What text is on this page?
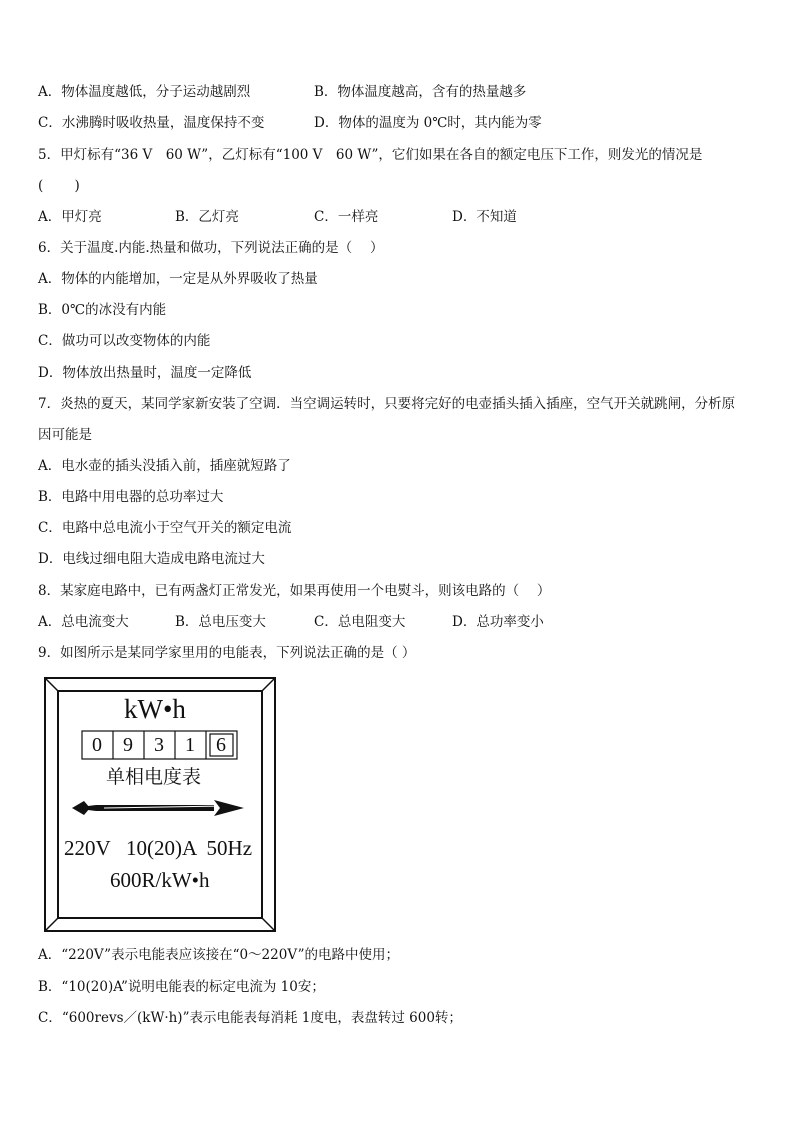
A．物体温度越低，分子运动越剧烈	B．物体温度越高，含有的热量越多
C．水沸腾时吸收热量，温度保持不变	D．物体的温度为 0℃时，其内能为零
5．甲灯标有“36 V　60 W”，乙灯标有“100 V　60 W”，它们如果在各自的额定电压下工作，则发光的情况是
(　　 )
A．甲灯亮	B．乙灯亮	C．一样亮	D．不知道
6．关于温度.内能.热量和做功，下列说法正确的是（　 ）
A．物体的内能增加，一定是从外界吸收了热量
B．0℃的冰没有内能
C．做功可以改变物体的内能
D．物体放出热量时，温度一定降低
7．炎热的夏天，某同学家新安装了空调．当空调运转时，只要将完好的电壶插头插入插座，空气开关就跳闸，分析原
因可能是
A．电水壶的插头没插入前，插座就短路了
B．电路中用电器的总功率过大
C．电路中总电流小于空气开关的额定电流
D．电线过细电阻大造成电路电流过大
8．某家庭电路中，已有两盏灯正常发光，如果再使用一个电熨斗，则该电路的（　 ）
A．总电流变大	B．总电压变大	C．总电阻变大	D．总功率变小
9．如图所示是某同学家里用的电能表，下列说法正确的是（ ）
kW•h
0	9	3	1	6
单相电度表
220V   10(20)A  50Hz
600R/kW•h
A．“220V”表示电能表应该接在“0～220V”的电路中使用；
B．“10(20)A”说明电能表的标定电流为 10安；
C．“600revs／(kW·h)”表示电能表每消耗 1度电，表盘转过 600转；
